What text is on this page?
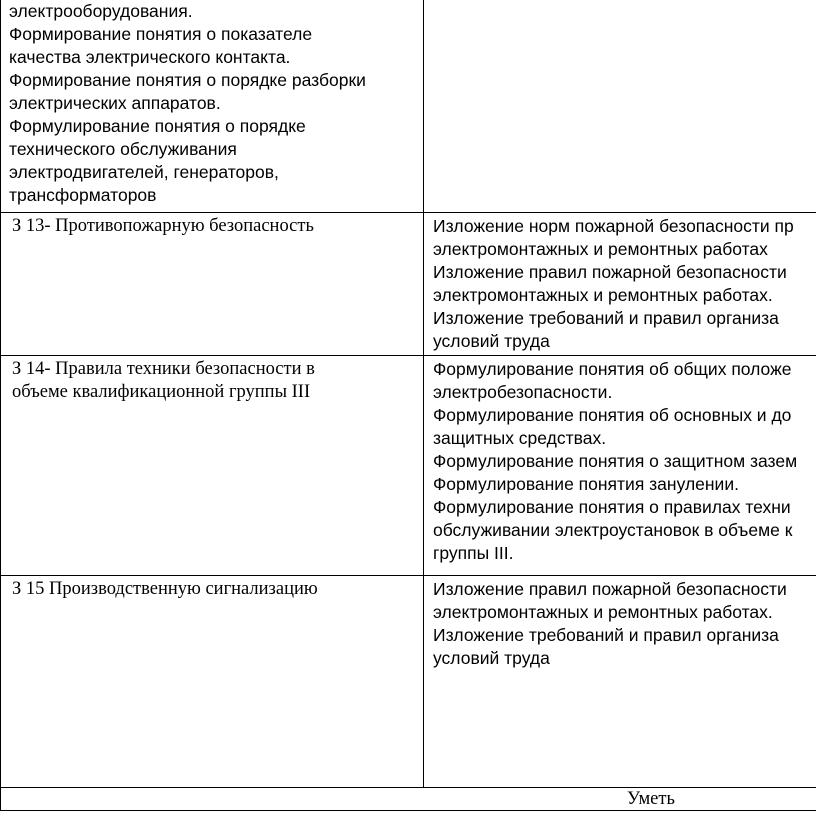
электрооборудования.
Формирование понятия о показателе
качества электрического контакта.
Формирование понятия о порядке разборки
электрических аппаратов.
Формулирование понятия о порядке
технического обслуживания
электродвигателей, генераторов,
трансформаторов
З 13- Противопожарную безопасность	Изложение норм пожарной безопасности пр
электромонтажных и ремонтных работах
Изложение правил пожарной безопасности
электромонтажных и ремонтных работах.
Изложение требований и правил организа
условий труда
З 14- Правила техники безопасности в
объеме квалификационной группы III
Формулирование понятия об общих положе
электробезопасности.
Формулирование понятия об основных и до
защитных средствах.
Формулирование понятия о защитном зазем
Формулирование понятия занулении.
Формулирование понятия о правилах техни
обслуживании электроустановок в объеме к
группы III.
З 15 Производственную сигнализацию	Изложение правил пожарной безопасности
электромонтажных и ремонтных работах.
Изложение требований и правил организа
условий труда
Уметь
